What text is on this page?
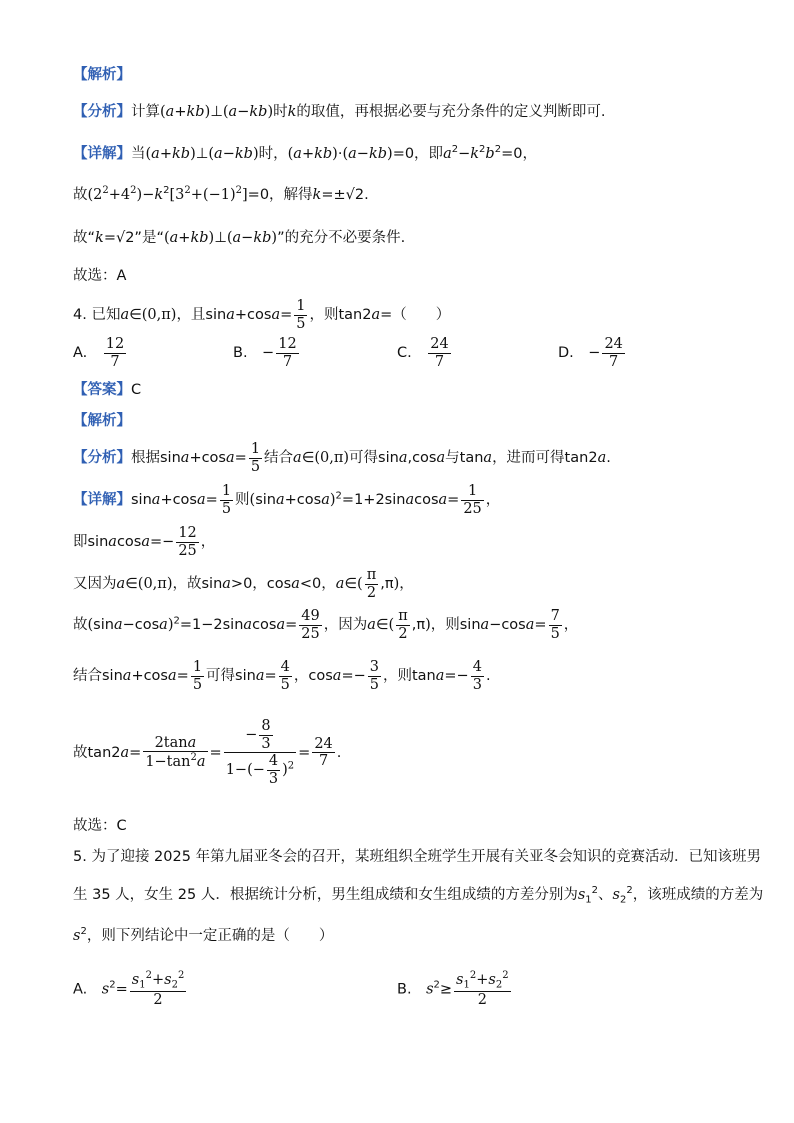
【解析】
【分析】计算(a+kb)⊥(a−kb)时k的取值，再根据必要与充分条件的定义判断即可.
【详解】当(a+kb)⊥(a−kb)时，(a+kb)·(a−kb)=0，即$a^2-k^2b^2=0$，
故$(2^2+4^2)-k^2[3^2+(-1)^2]=0$，解得k=±√2.
故“k=√2”是“(a+kb)⊥(a−kb)”的充分不必要条件.
故选：A
4. 已知a∈(0,π)，且$\sin a+\cos a= \frac{1}{5}$ ，则tan2a=（　　）
A.　 $\frac{12}{7}$	B.　− $\frac{12}{7}$	C.　 $\frac{24}{7}$	D.　− $\frac{24}{7}$
【答案】C
【解析】
【分析】根据$\sin a+\cos a= \frac{1}{5}$ 结合a∈(0,π)可得sina,cosa与tana，进而可得tan2a.
【详解】$\sin a+\cos a= \frac{1}{5}$ 则$(\sin a+\cos a)^2=1+2sinacosa= \frac{1}{25}$ ，
即sinacosa=− $\frac{12}{25}$ ，
又因为a∈(0,π)，故sina>0，cosa<0，a∈( $\frac{\pi}{2} ,\pi$)，
故$(\sin a-\cos a)^2=1-2sinacosa= \frac{49}{25}$ ，因为a∈( $\frac{\pi}{2} ,\pi$)，则$\sin a-\cos a= \frac{7}{5}$ ，
结合$\sin a+\cos a= \frac{1}{5}$ 可得$\sin a= \frac{4}{5}$ ，$\cos a=- \frac{3}{5}$ ，则$\tan a=- \frac{4}{3}$ .
故$\tan 2a= \frac{2\tan a}{1-\tan^2a} = \frac{- \frac{8}{3}}{1-(- \frac{4}{3} )^2} = \frac{24}{7}$ .
故选：C
5. 为了迎接 2025 年第九届亚冬会的召开，某班组织全班学生开展有关亚冬会知识的竞赛活动．已知该班男
生 35 人，女生 25 人．根据统计分析，男生组成绩和女生组成绩的方差分别为$s_1^2$、$s_2^2$，该班成绩的方差为
$s^2$，则下列结论中一定正确的是（　　）
A.　$s^2= \frac{s_1^2+s_2^2}{2}$	B.　$s^2\ge \frac{s_1^2+s_2^2}{2}$
